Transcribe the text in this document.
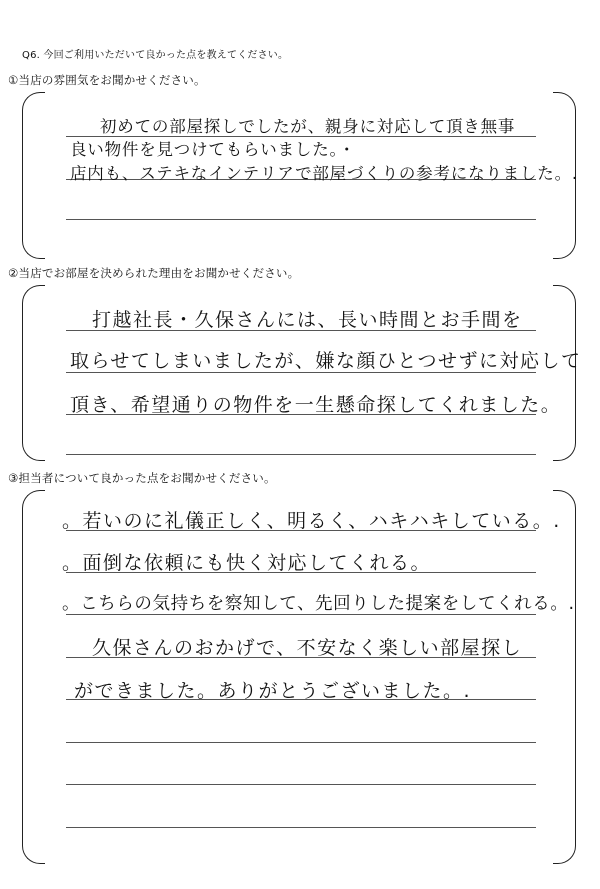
Q6. 今回ご利用いただいて良かった点を教えてください。
①当店の雰囲気をお聞かせください。
初めての部屋探しでしたが、親身に対応して頂き無事
良い物件を見つけてもらいました。・
店内も、ステキなインテリアで部屋づくりの参考になりました。.
②当店でお部屋を決められた理由をお聞かせください。
打越社長・久保さんには、長い時間とお手間を
取らせてしまいましたが、嫌な顔ひとつせずに対応して
頂き、希望通りの物件を一生懸命探してくれました。
③担当者について良かった点をお聞かせください。
。若いのに礼儀正しく、明るく、ハキハキしている。.
。面倒な依頼にも快く対応してくれる。
。こちらの気持ちを察知して、先回りした提案をしてくれる。.
久保さんのおかげで、不安なく楽しい部屋探し
ができました。ありがとうございました。.
